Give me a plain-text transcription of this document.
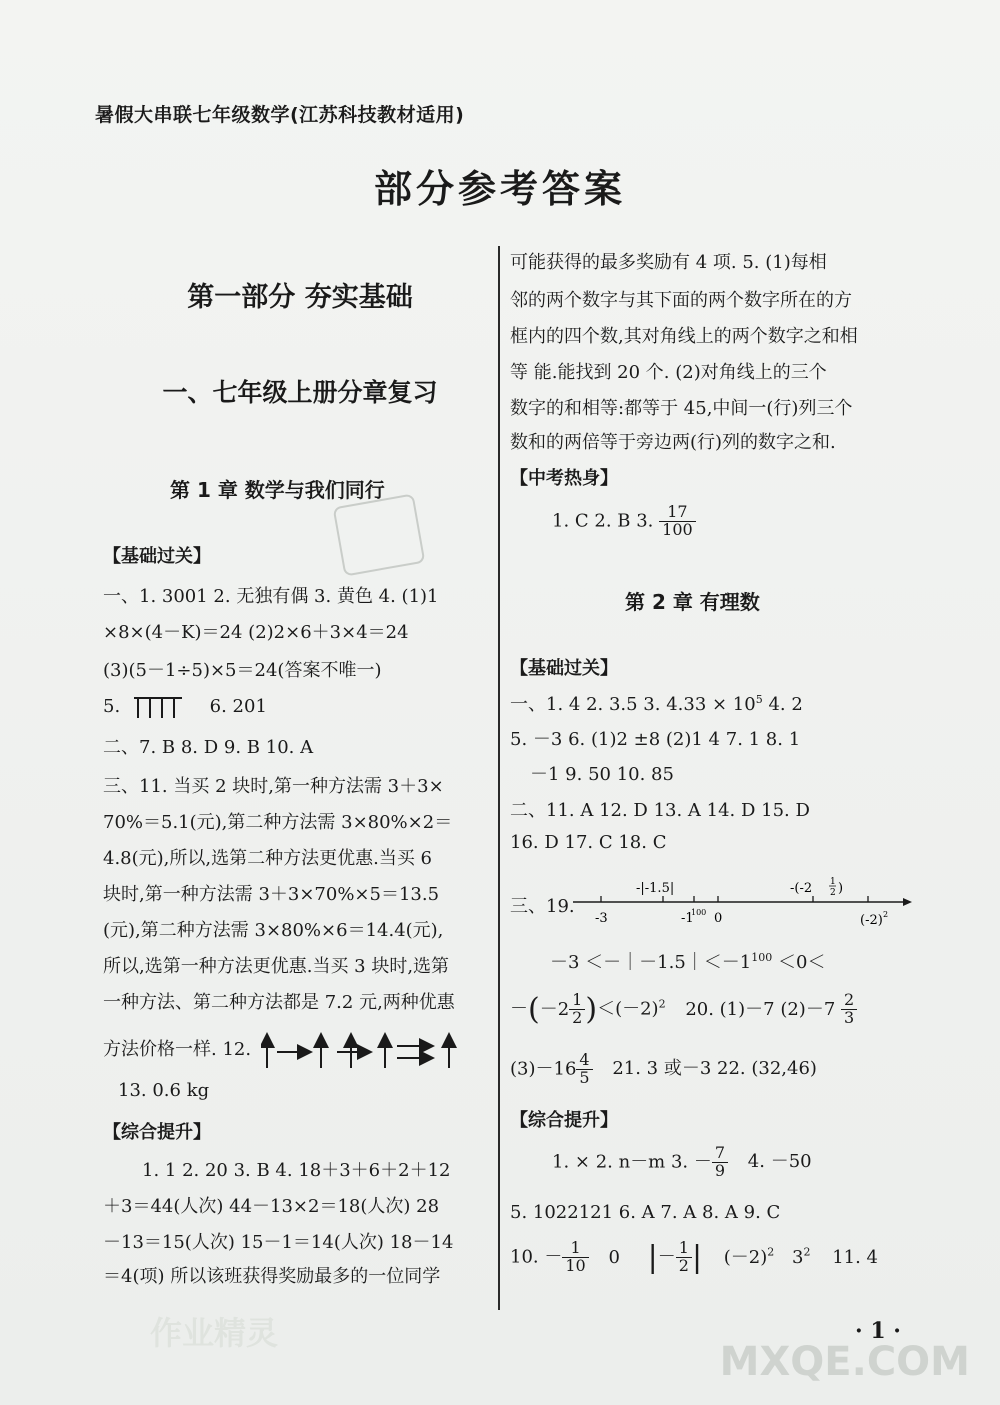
暑假大串联七年级数学(江苏科技教材适用)
部分参考答案
第一部分 夯实基础
一、七年级上册分章复习
第 1 章 数学与我们同行
【基础过关】
一、1. 3001 2. 无独有偶 3. 黄色 4. (1)1
×8×(4－K)＝24 (2)2×6＋3×4＝24
(3)(5－1÷5)×5＝24(答案不唯一)
5.	6. 201
二、7. B 8. D 9. B 10. A
三、11. 当买 2 块时,第一种方法需 3＋3×
70%＝5.1(元),第二种方法需 3×80%×2＝
4.8(元),所以,选第二种方法更优惠.当买 6
块时,第一种方法需 3＋3×70%×5＝13.5
(元),第二种方法需 3×80%×6＝14.4(元),
所以,选第一种方法更优惠.当买 3 块时,选第
一种方法、第二种方法都是 7.2 元,两种优惠
方法价格一样. 12.
13. 0.6 kg
【综合提升】
1. 1 2. 20 3. B 4. 18＋3＋6＋2＋12
＋3＝44(人次) 44－13×2＝18(人次) 28
－13＝15(人次) 15－1＝14(人次) 18－14
＝4(项) 所以该班获得奖励最多的一位同学
作业精灵
可能获得的最多奖励有 4 项. 5. (1)每相
邻的两个数字与其下面的两个数字所在的方
框内的四个数,其对角线上的两个数字之和相
等 能.能找到 20 个. (2)对角线上的三个
数字的和相等:都等于 45,中间一(行)列三个
数和的两倍等于旁边两(行)列的数字之和.
【中考热身】
1. C 2. B 3. $\frac{17}{100}$
第 2 章 有理数
【基础过关】
一、1. 4 2. 3.5 3. $4.33 \times 10^5$ 4. 2
5. －3 6. (1)2 ±8 (2)1 4 7. 1 8. 1
－1 9. 50 10. 85
二、11. A 12. D 13. A 14. D 15. D
16. D 17. C 18. C
三、19.
-3
-|-1.5|
-1
100 0
-(-2 1
2 )
(-2) 2
$-3 <-|-1.5|<-1^{100} <0<$
$-(-2 \frac{1}{2} )<(-2)^2$ 20. (1)－7 $(2)-7 \frac{2}{3}$
$(3)-16 \frac{4}{5} 21$. 3 或－3 22. (32,46)
【综合提升】
1. × 2. n－m 3. － $\frac{7}{9} 4$. －50
5. 1022121 6. A 7. A 8. A 9. C
10. － $\frac{1}{10} 0$ |－ $\frac{1}{2}$ | $(-2)^2$ $3^2$ 11. 4
· 1 ·
MXQE.COM
